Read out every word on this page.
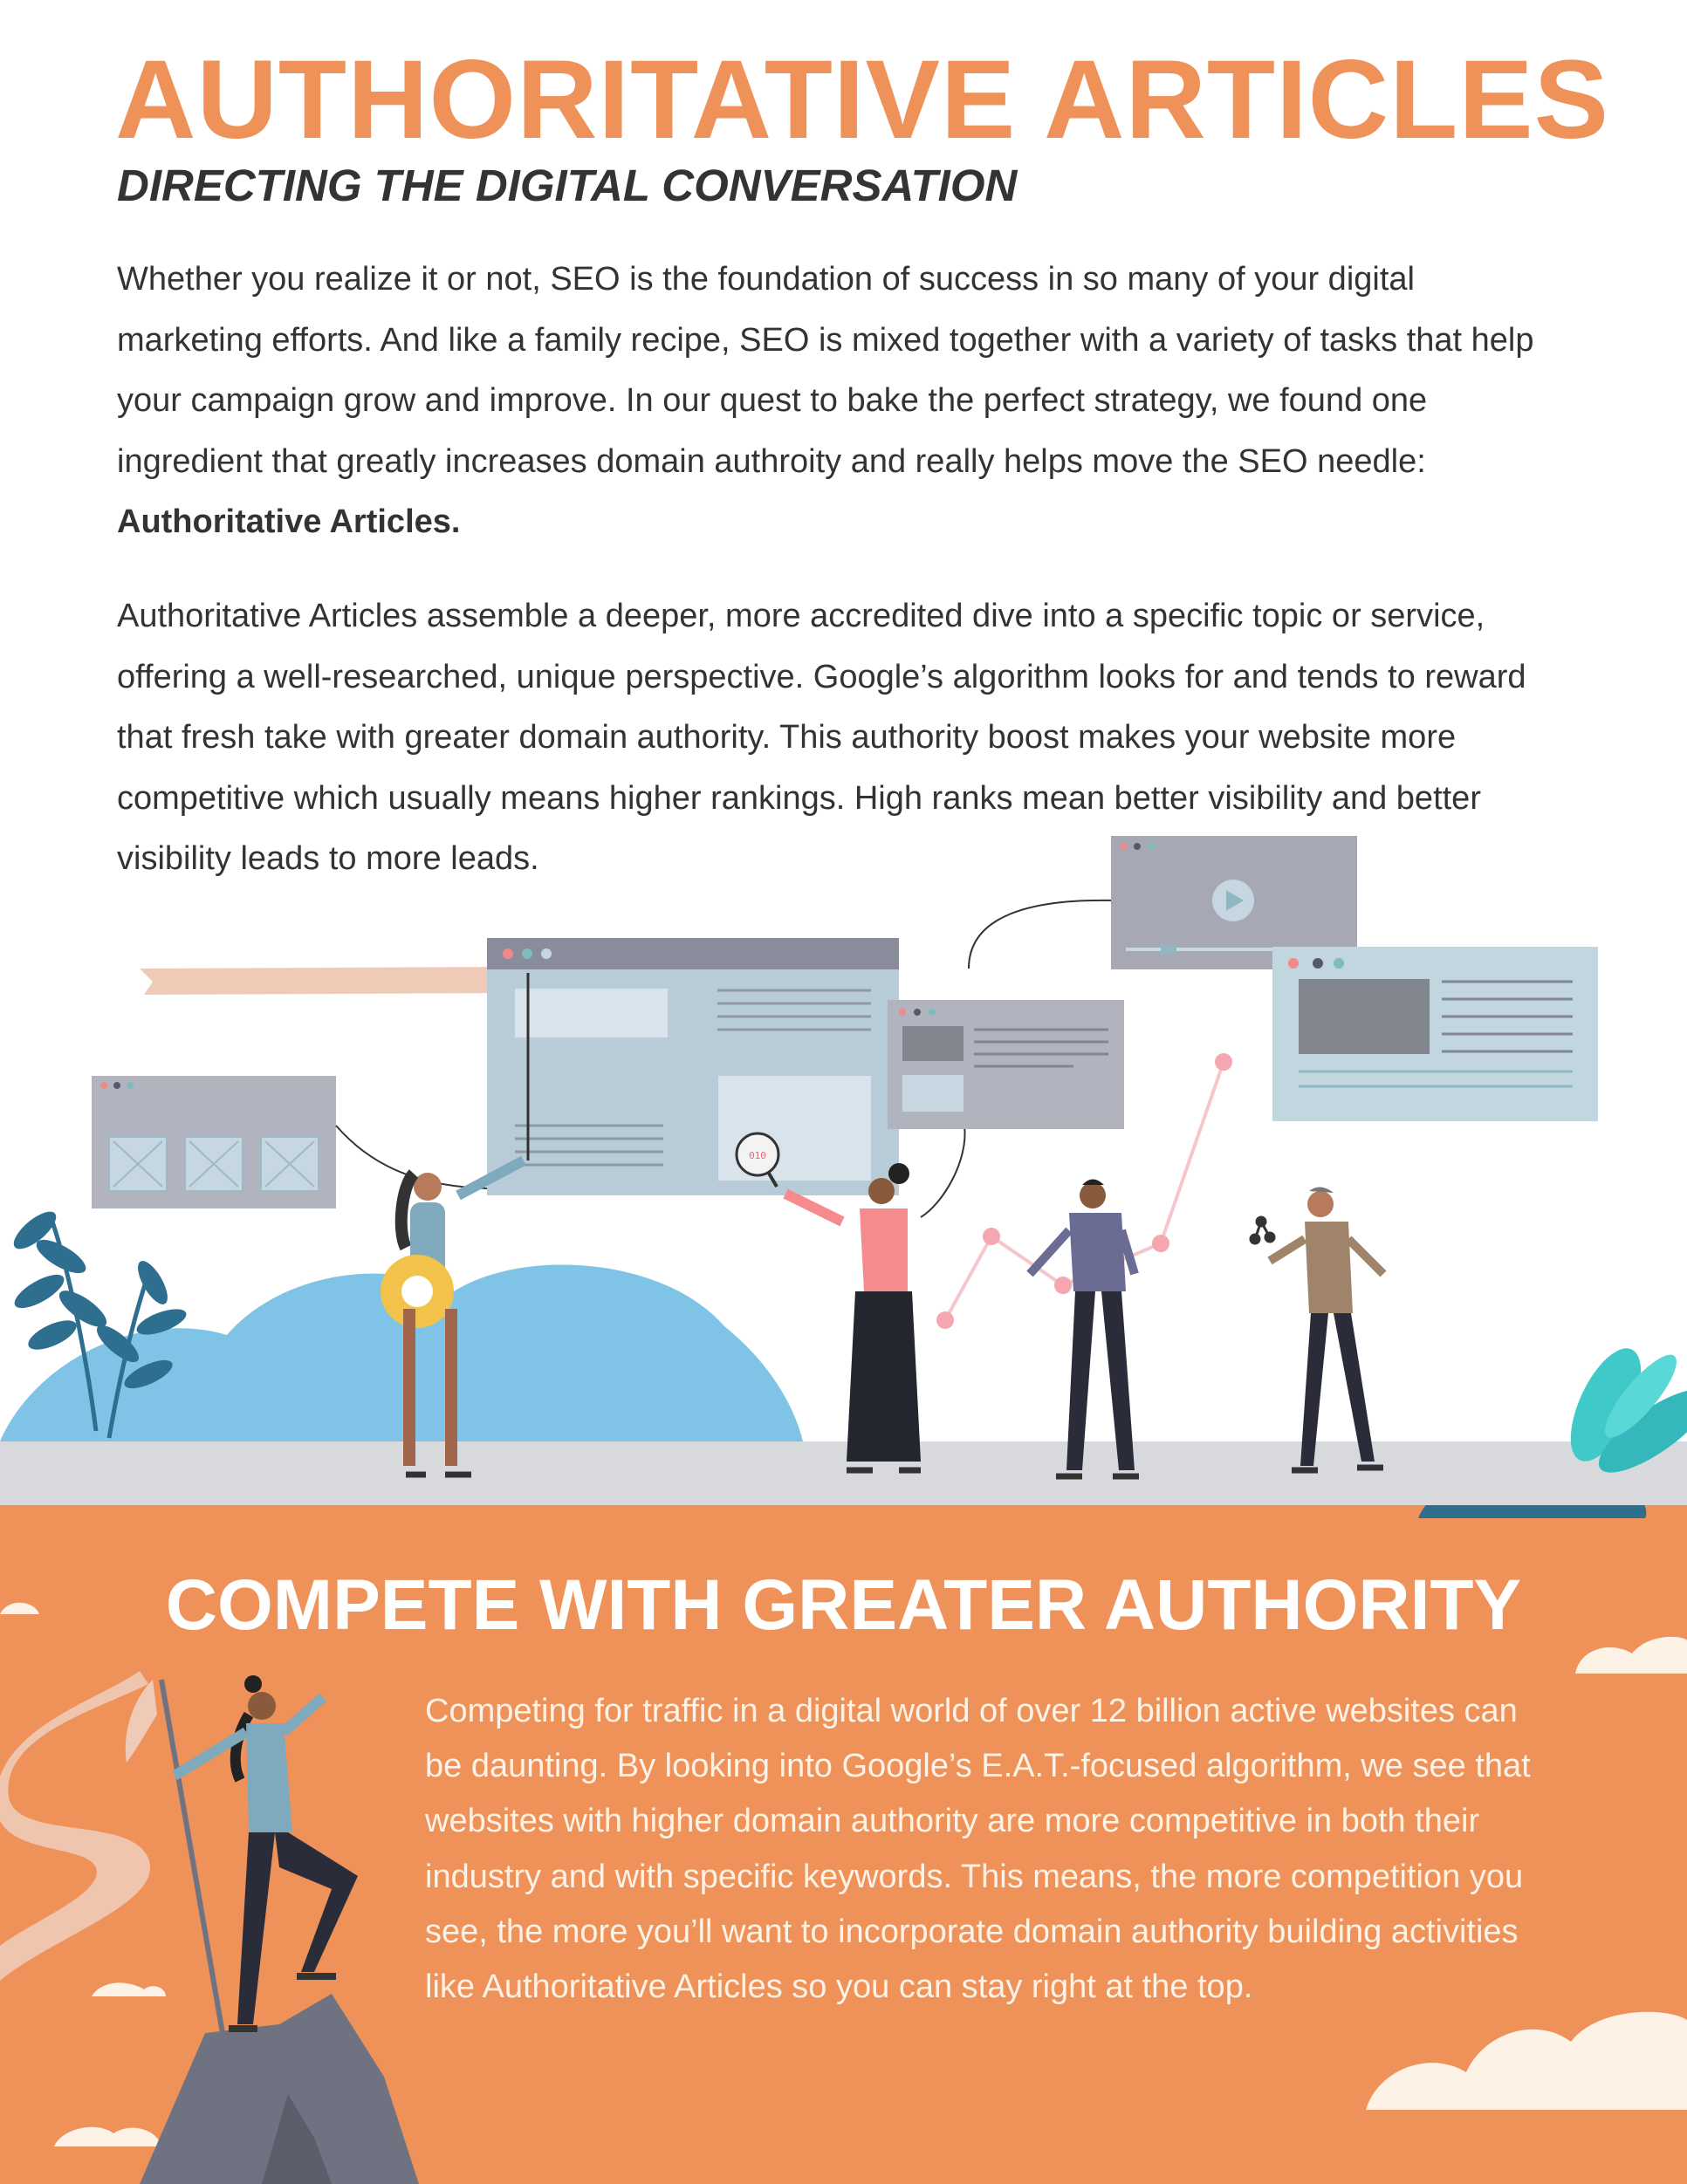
AUTHORITATIVE ARTICLES
DIRECTING THE DIGITAL CONVERSATION

Whether you realize it or not, SEO is the foundation of success in so many of your digital marketing efforts. And like a family recipe, SEO is mixed together with a variety of tasks that help your campaign grow and improve. In our quest to bake the perfect strategy, we found one ingredient that greatly increases domain authroity and really helps move the SEO needle: Authoritative Articles.

Authoritative Articles assemble a deeper, more accredited dive into a specific topic or service, offering a well-researched, unique perspective. Google’s algorithm looks for and tends to reward that fresh take with greater domain authority. This authority boost makes your website more competitive which usually means higher rankings. High ranks mean better visibility and better visibility leads to more leads.

010
COMPETE WITH GREATER AUTHORITY

Competing for traffic in a digital world of over 12 billion active websites can be daunting. By looking into Google’s E.A.T.-focused algorithm, we see that websites with higher domain authority are more competitive in both their industry and with specific keywords. This means, the more competition you see, the more you’ll want to incorporate domain authority building activities like Authoritative Articles so you can stay right at the top.
